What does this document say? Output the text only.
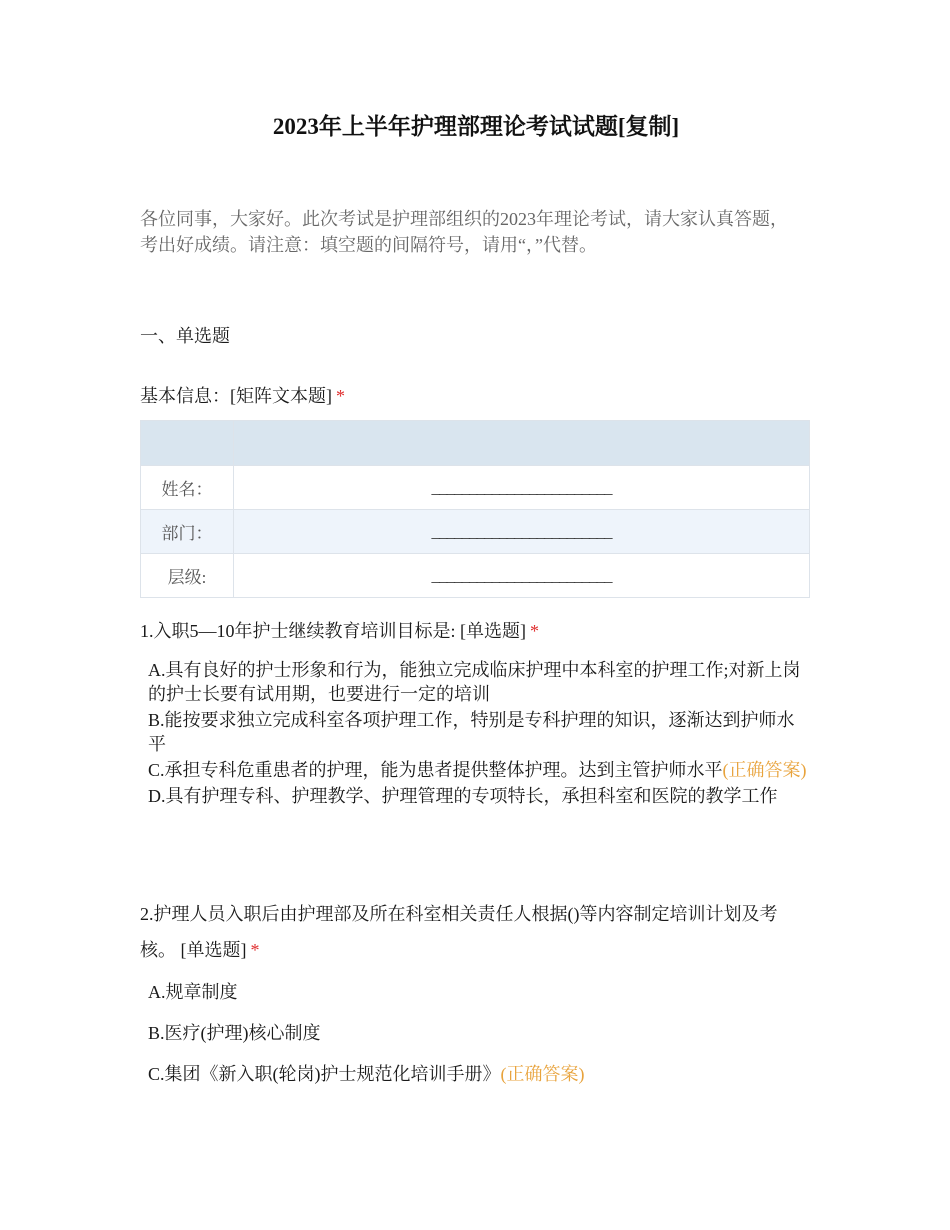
2023年上半年护理部理论考试试题[复制]
各位同事，大家好。此次考试是护理部组织的2023年理论考试，请大家认真答题，考出好成绩。请注意：填空题的间隔符号，请用“，”代替。
一、单选题
基本信息：[矩阵文本题] *

姓名：	________________________
部门：	________________________
层级:	________________________
1.入职5—10年护士继续教育培训目标是: [单选题] *
A.具有良好的护士形象和行为，能独立完成临床护理中本科室的护理工作;对新上岗的护士长要有试用期，也要进行一定的培训
B.能按要求独立完成科室各项护理工作，特别是专科护理的知识，逐渐达到护师水平
C.承担专科危重患者的护理，能为患者提供整体护理。达到主管护师水平(正确答案)
D.具有护理专科、护理教学、护理管理的专项特长，承担科室和医院的教学工作
2.护理人员入职后由护理部及所在科室相关责任人根据()等内容制定培训计划及考核。 [单选题] *
A.规章制度
B.医疗(护理)核心制度
C.集团《新入职(轮岗)护士规范化培训手册》(正确答案)
